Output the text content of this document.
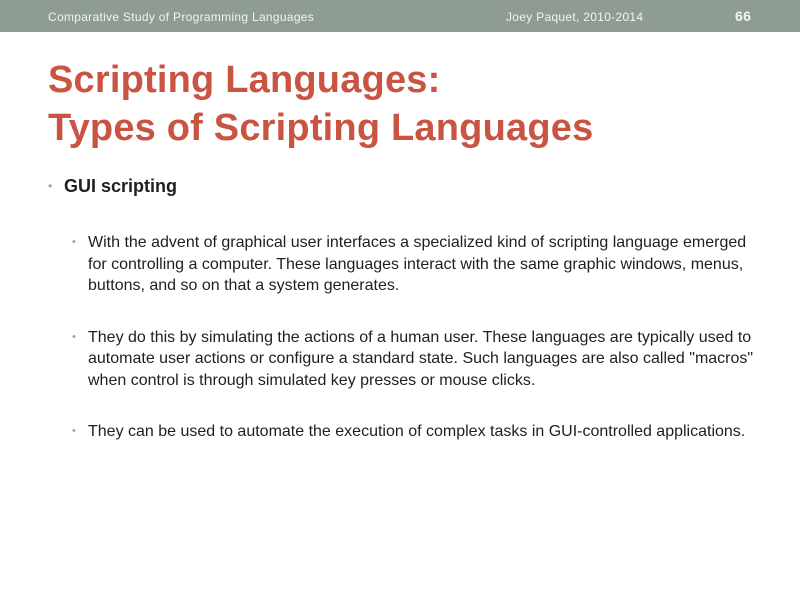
Comparative Study of Programming Languages	Joey Paquet, 2010-2014	66
Scripting Languages:
Types of Scripting Languages
• GUI scripting
• With the advent of graphical user interfaces a specialized kind of scripting language emerged for controlling a computer. These languages interact with the same graphic windows, menus, buttons, and so on that a system generates.
• They do this by simulating the actions of a human user. These languages are typically used to automate user actions or configure a standard state. Such languages are also called "macros" when control is through simulated key presses or mouse clicks.
• They can be used to automate the execution of complex tasks in GUI-controlled applications.
